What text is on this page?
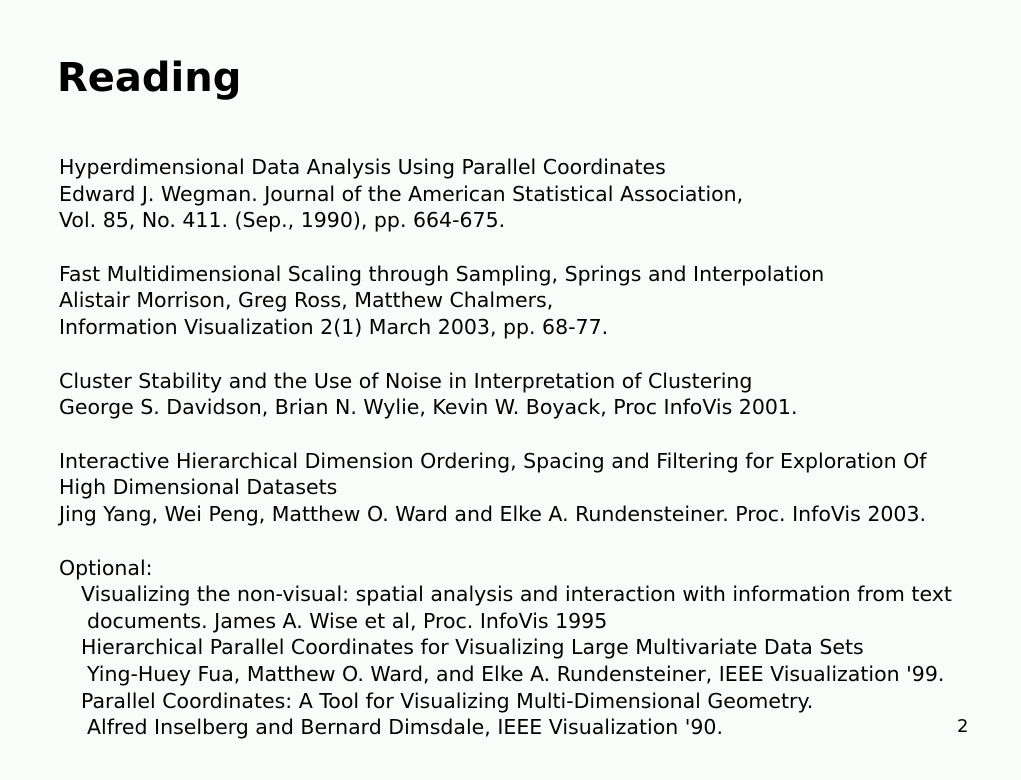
Reading
Hyperdimensional Data Analysis Using Parallel Coordinates
Edward J. Wegman. Journal of the American Statistical Association,
Vol. 85, No. 411. (Sep., 1990), pp. 664-675.
Fast Multidimensional Scaling through Sampling, Springs and Interpolation
Alistair Morrison, Greg Ross, Matthew Chalmers,
Information Visualization 2(1) March 2003, pp. 68-77.
Cluster Stability and the Use of Noise in Interpretation of Clustering
George S. Davidson, Brian N. Wylie, Kevin W. Boyack, Proc InfoVis 2001.
Interactive Hierarchical Dimension Ordering, Spacing and Filtering for Exploration Of
High Dimensional Datasets
Jing Yang, Wei Peng, Matthew O. Ward and Elke A. Rundensteiner. Proc. InfoVis 2003.
Optional:
Visualizing the non-visual: spatial analysis and interaction with information from text
documents. James A. Wise et al, Proc. InfoVis 1995
Hierarchical Parallel Coordinates for Visualizing Large Multivariate Data Sets
Ying-Huey Fua, Matthew O. Ward, and Elke A. Rundensteiner, IEEE Visualization '99.
Parallel Coordinates: A Tool for Visualizing Multi-Dimensional Geometry.
Alfred Inselberg and Bernard Dimsdale, IEEE Visualization '90.	2
